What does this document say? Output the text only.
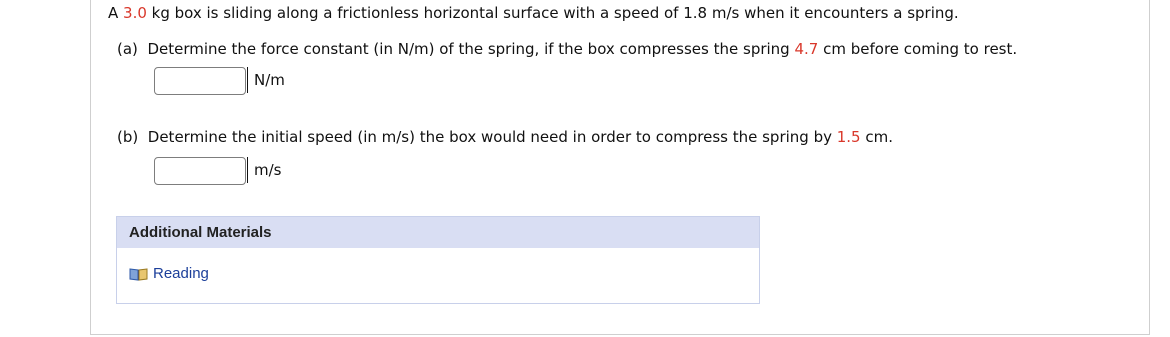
A 3.0 kg box is sliding along a frictionless horizontal surface with a speed of 1.8 m/s when it encounters a spring.
(a) Determine the force constant (in N/m) of the spring, if the box compresses the spring 4.7 cm before coming to rest.
N/m
(b) Determine the initial speed (in m/s) the box would need in order to compress the spring by 1.5 cm.
m/s
Additional Materials
Reading
